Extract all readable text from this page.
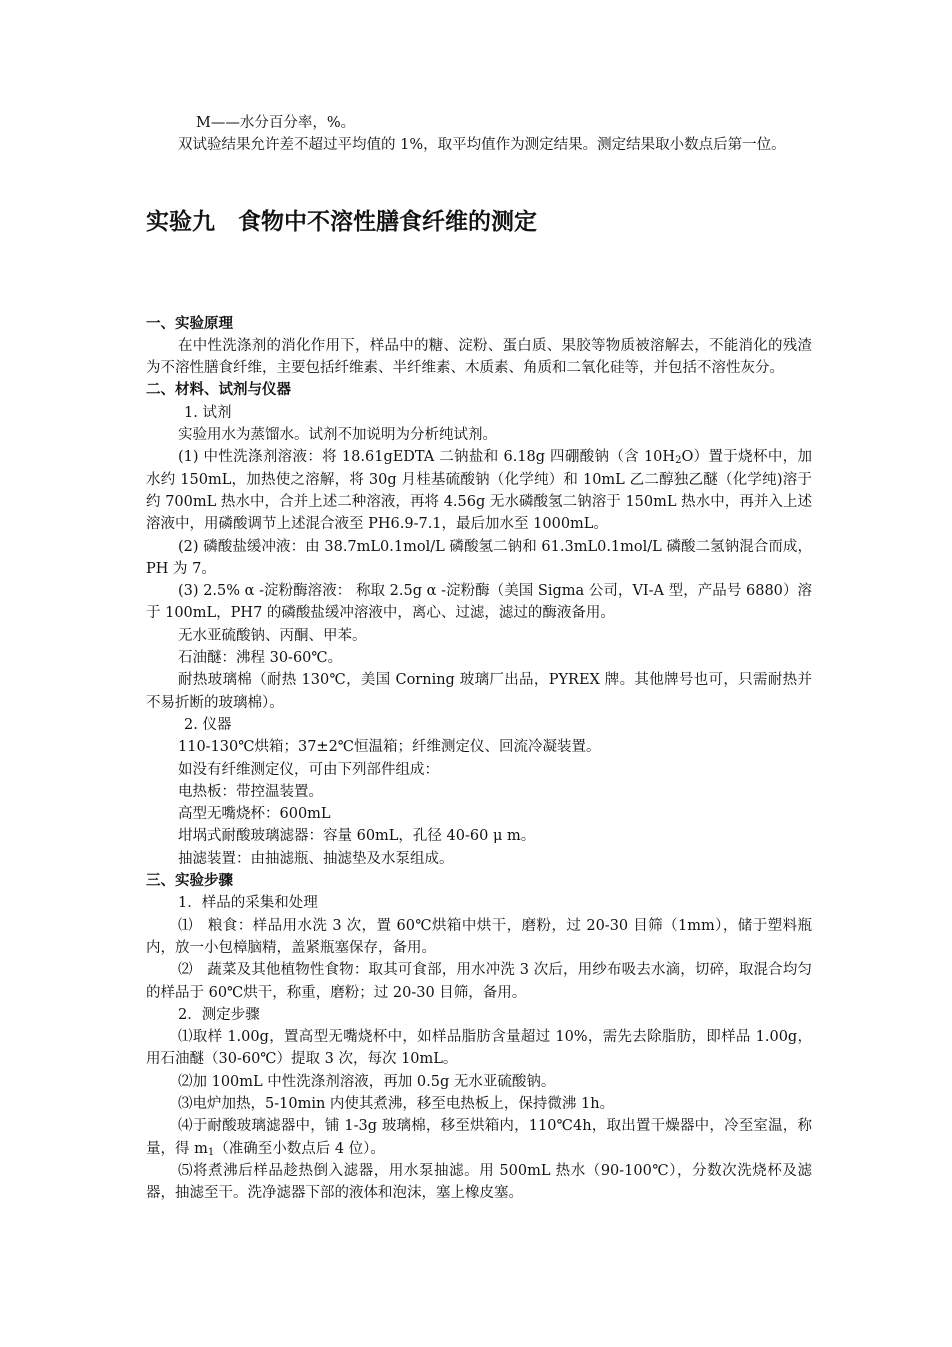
M——水分百分率，%。

双试验结果允许差不超过平均值的 1%，取平均值作为测定结果。测定结果取小数点后第一位。

实验九　食物中不溶性膳食纤维的测定
一、实验原理

在中性洗涤剂的消化作用下，样品中的糖、淀粉、蛋白质、果胶等物质被溶解去，不能消化的残渣为不溶性膳食纤维，主要包括纤维素、半纤维素、木质素、角质和二氧化硅等，并包括不溶性灰分。

二、材料、试剂与仪器

1. 试剂

实验用水为蒸馏水。试剂不加说明为分析纯试剂。

(1) 中性洗涤剂溶液：将 18.61gEDTA 二钠盐和 6.18g 四硼酸钠（含 $10H_2O$）置于烧杯中，加水约 150mL，加热使之溶解，将 30g 月桂基硫酸钠（化学纯）和 10mL 乙二醇独乙醚（化学纯)溶于约 700mL 热水中，合并上述二种溶液，再将 4.56g 无水磷酸氢二钠溶于 150mL 热水中，再并入上述溶液中，用磷酸调节上述混合液至 PH6.9-7.1，最后加水至 1000mL。

(2) 磷酸盐缓冲液：由 38.7mL0.1mol/L 磷酸氢二钠和 61.3mL0.1mol/L 磷酸二氢钠混合而成，PH 为 7。

(3) 2.5% α -淀粉酶溶液： 称取 2.5g α -淀粉酶（美国 Sigma 公司，VI-A 型，产品号 6880）溶于 100mL，PH7 的磷酸盐缓冲溶液中，离心、过滤，滤过的酶液备用。

无水亚硫酸钠、丙酮、甲苯。

石油醚：沸程 30-60℃。

耐热玻璃棉（耐热 130℃，美国 Corning 玻璃厂出品，PYREX 牌。其他牌号也可，只需耐热并不易折断的玻璃棉）。

2. 仪器

110-130℃烘箱；37±2℃恒温箱；纤维测定仪、回流冷凝装置。

如没有纤维测定仪，可由下列部件组成：

电热板：带控温装置。

高型无嘴烧杯：600mL

坩埚式耐酸玻璃滤器：容量 60mL，孔径 40-60 μ m。

抽滤装置：由抽滤瓶、抽滤垫及水泵组成。

三、实验步骤

1．样品的采集和处理

⑴　粮食：样品用水洗 3 次，置 60℃烘箱中烘干，磨粉，过 20-30 目筛（1mm），储于塑料瓶内，放一小包樟脑精，盖紧瓶塞保存，备用。

⑵　蔬菜及其他植物性食物：取其可食部，用水冲洗 3 次后，用纱布吸去水滴，切碎，取混合均匀的样品于 60℃烘干，称重，磨粉；过 20-30 目筛，备用。

2．测定步骤

⑴取样 1.00g，置高型无嘴烧杯中，如样品脂肪含量超过 10%，需先去除脂肪，即样品 1.00g，用石油醚（30-60℃）提取 3 次，每次 10mL。

⑵加 100mL 中性洗涤剂溶液，再加 0.5g 无水亚硫酸钠。

⑶电炉加热，5-10min 内使其煮沸，移至电热板上，保持微沸 1h。

⑷于耐酸玻璃滤器中，铺 1-3g 玻璃棉，移至烘箱内，110℃4h，取出置干燥器中，冷至室温，称量，得 $m_1$（准确至小数点后 4 位）。

⑸将煮沸后样品趁热倒入滤器，用水泵抽滤。用 500mL 热水（90-100℃），分数次洗烧杯及滤器，抽滤至干。洗净滤器下部的液体和泡沫，塞上橡皮塞。
